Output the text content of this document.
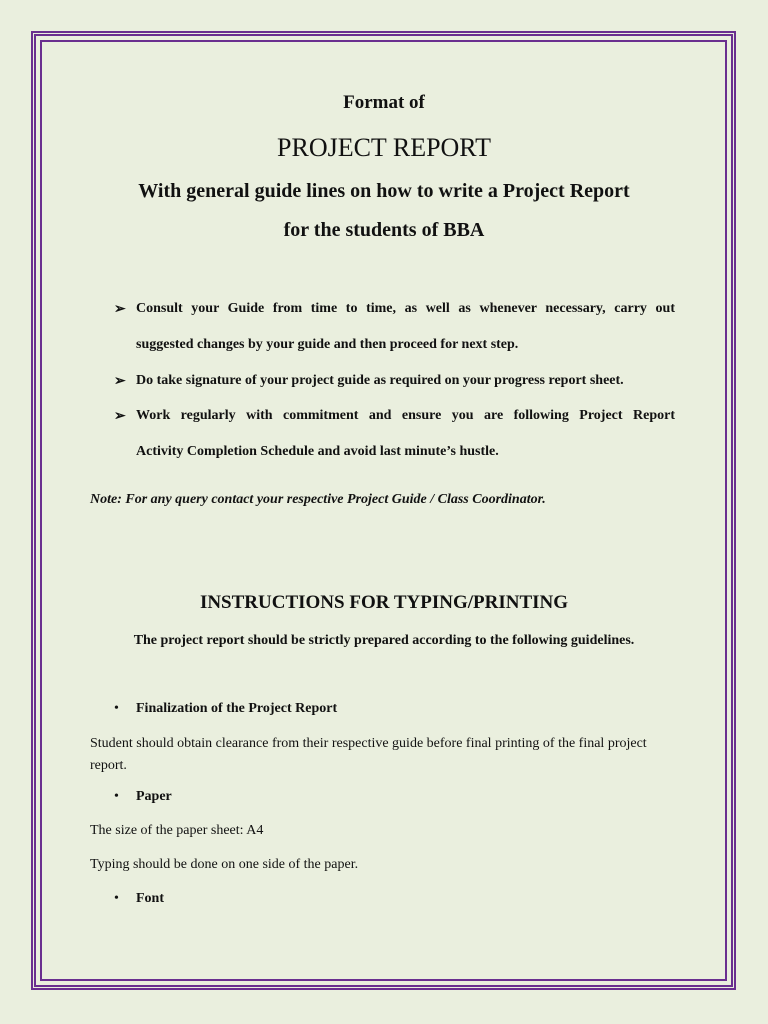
Format of
PROJECT REPORT
With general guide lines on how to write a Project Report
for the students of BBA
➢ Consult your Guide from time to time, as well as whenever necessary, carry out
suggested changes by your guide and then proceed for next step.
➢ Do take signature of your project guide as required on your progress report sheet.
➢ Work regularly with commitment and ensure you are following Project Report
Activity Completion Schedule and avoid last minute’s hustle.
Note: For any query contact your respective Project Guide / Class Coordinator.
INSTRUCTIONS FOR TYPING/PRINTING
The project report should be strictly prepared according to the following guidelines.
• Finalization of the Project Report
Student should obtain clearance from their respective guide before final printing of the final project report.
• Paper
The size of the paper sheet: A4
Typing should be done on one side of the paper.
• Font
